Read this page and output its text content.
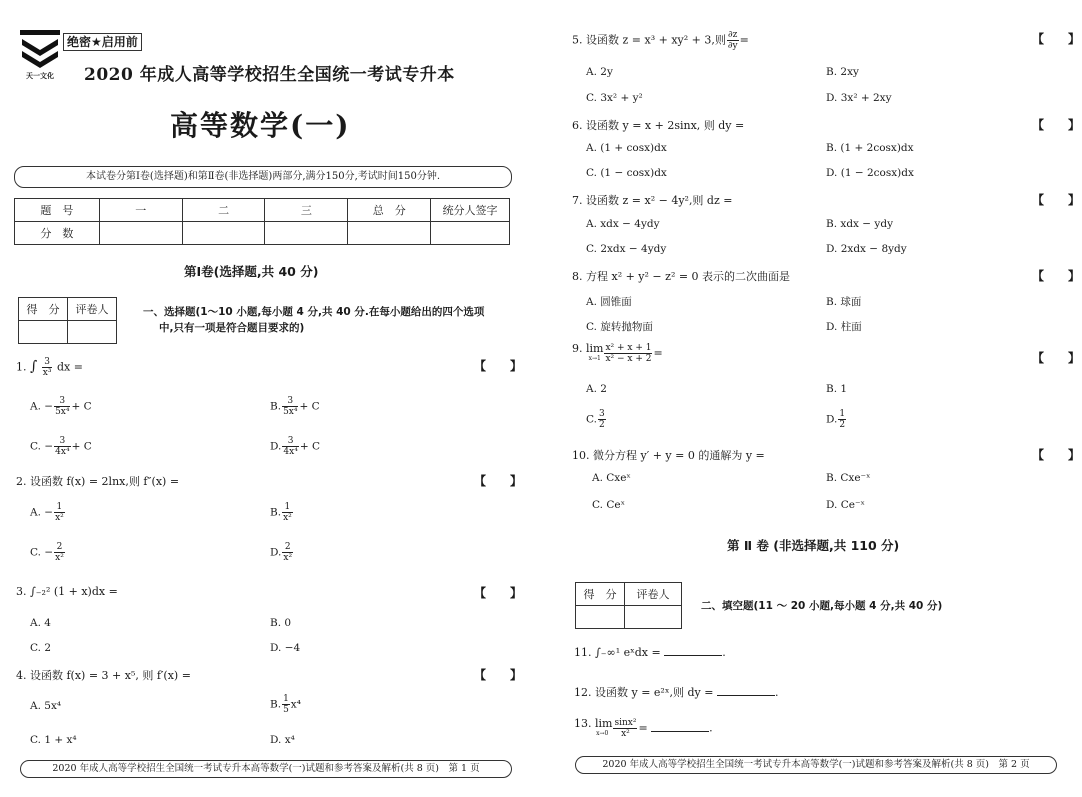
天一文化
绝密★启用前
2020 年成人高等学校招生全国统一考试专升本
高等数学(一)
本试卷分第Ⅰ卷(选择题)和第Ⅱ卷(非选择题)两部分,满分150分,考试时间150分钟.
题　号	一	二	三	总　分	统分人签字
分　数					
第Ⅰ卷(选择题,共 40 分)
得　分	评卷人
		一、选择题(1～10 小题,每小题 4 分,共 40 分.在每小题给出的四个选项
中,只有一项是符合题目要求的)
1. ∫ $\frac{3}{\text{x³}}$ dx =	【　　】
A. − $\frac{3}{\text{5x⁴}} + C$	B. $\frac{3}{\text{5x⁴}} + C$
C. − $\frac{3}{\text{4x⁴}} + C$	D. $\frac{3}{\text{4x⁴}} + C$
2. 设函数 f(x) = 2lnx,则 f″(x) =	【　　】
A. − $\frac{1}{\text{x²}}$	B. $\frac{1}{\text{x²}}$
C. − $\frac{2}{\text{x²}}$	D. $\frac{2}{\text{x²}}$
3. ∫₋₂² (1 + x)dx =	【　　】
A. 4	B. 0
C. 2	D. −4
4. 设函数 f(x) = 3 + x⁵, 则 f′(x) =	【　　】
A. 5x⁴	B. $\frac{1}{5} x^4$
C. 1 + x⁴	D. x⁴
2020 年成人高等学校招生全国统一考试专升本高等数学(一)试题和参考答案及解析(共 8 页)　第 1 页
5. 设函数 z = x³ + xy² + 3,则 $\frac{\partial z}{\partial y}$ =	【　　】
A. 2y	B. 2xy
C. 3x² + y²	D. 3x² + 2xy
6. 设函数 y = x + 2sinx, 则 dy =	【　　】
A. (1 + cosx)dx	B. (1 + 2cosx)dx
C. (1 − cosx)dx	D. (1 − 2cosx)dx
7. 设函数 z = x² − 4y²,则 dz =	【　　】
A. xdx − 4ydy	B. xdx − ydy
C. 2xdx − 4ydy	D. 2xdx − 8ydy
8. 方程 x² + y² − z² = 0 表示的二次曲面是	【　　】
A. 圆锥面	B. 球面
C. 旋转抛物面	D. 柱面
9. lim
$x\to 1 \frac{\text{x² + x + 1}}{\text{x² − x + 2}}$ =	【　　】
A. 2	B. 1
C. $\frac{3}{2}$	D. $\frac{1}{2}$
10. 微分方程 y′ + y = 0 的通解为 y =	【　　】
A. Cxeˣ	B. Cxe⁻ˣ
C. Ceˣ	D. Ce⁻ˣ
第 Ⅱ 卷 (非选择题,共 110 分)
得　分	评卷人

二、填空题(11 ～ 20 小题,每小题 4 分,共 40 分)
11. ∫₋∞¹ eˣdx =	.
12. 设函数 y = e²ˣ,则 dy =	.
13. lim
$x\to 0 \frac{\text{sinx²}}{\text{x²}}$ =	.
2020 年成人高等学校招生全国统一考试专升本高等数学(一)试题和参考答案及解析(共 8 页)　第 2 页
